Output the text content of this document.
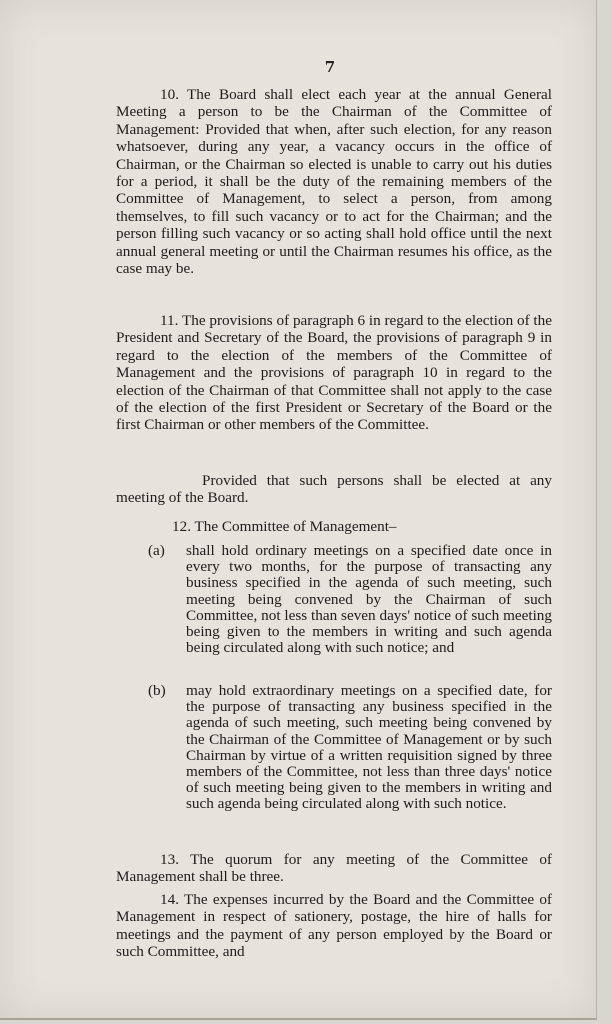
7

10. The Board shall elect each year at the annual General Meeting a person to be the Chairman of the Committee of Management: Provided that when, after such election, for any reason whatsoever, during any year, a vacancy occurs in the office of Chairman, or the Chairman so elected is unable to carry out his duties for a period, it shall be the duty of the remaining members of the Committee of Management, to select a person, from among themselves, to fill such vacancy or to act for the Chairman; and the person filling such vacancy or so acting shall hold office until the next annual general meeting or until the Chairman resumes his office, as the case may be.

11. The provisions of paragraph 6 in regard to the election of the President and Secretary of the Board, the provisions of paragraph 9 in regard to the election of the members of the Committee of Management and the provisions of paragraph 10 in regard to the election of the Chairman of that Committee shall not apply to the case of the election of the first President or Secretary of the Board or the first Chairman or other members of the Committee.

Provided that such persons shall be elected at any meeting of the Board.

12. The Committee of Management–
(a)	shall hold ordinary meetings on a specified date once in every two months, for the purpose of transacting any business specified in the agenda of such meeting, such meeting being convened by the Chairman of such Committee, not less than seven days' notice of such meeting being given to the members in writing and such agenda being circulated along with such notice; and
(b)	may hold extraordinary meetings on a specified date, for the purpose of transacting any business specified in the agenda of such meeting, such meeting being convened by the Chairman of the Committee of Management or by such Chairman by virtue of a written requisition signed by three members of the Committee, not less than three days' notice of such meeting being given to the members in writing and such agenda being circulated along with such notice.

13. The quorum for any meeting of the Committee of Management shall be three.

14. The expenses incurred by the Board and the Committee of Management in respect of sationery, postage, the hire of halls for meetings and the payment of any person employed by the Board or such Committee, and
